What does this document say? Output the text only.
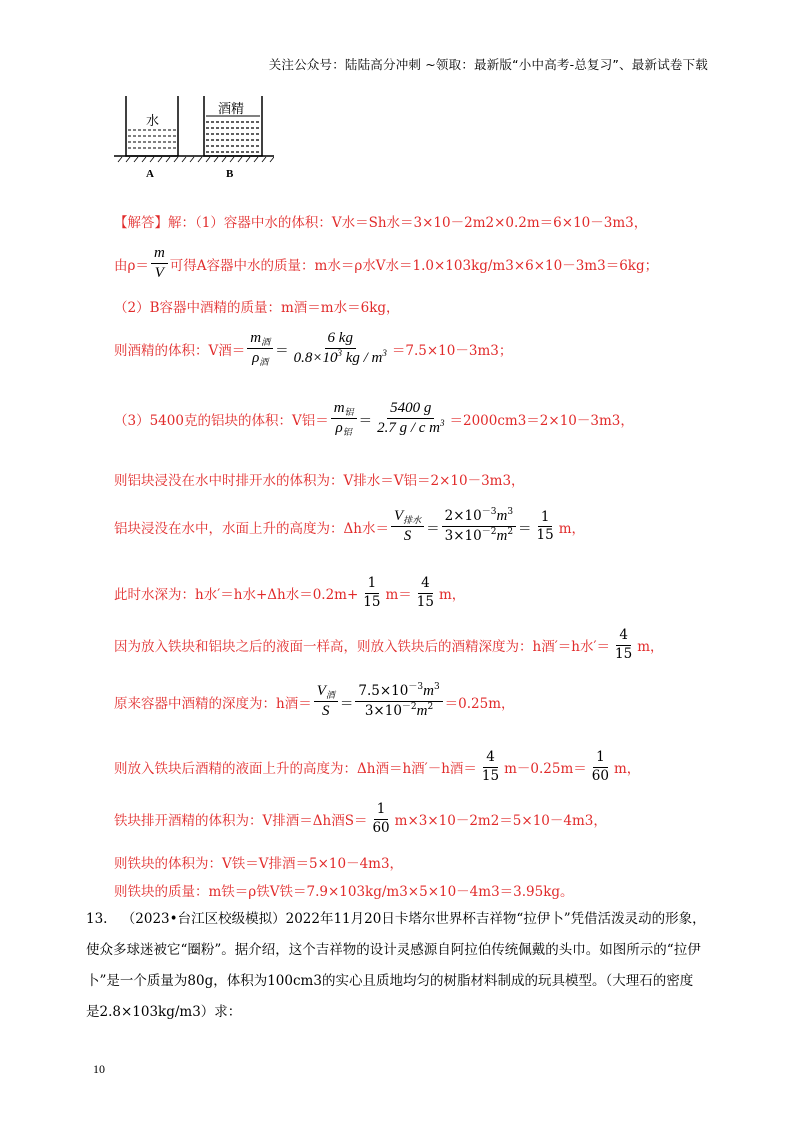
关注公众号：陆陆高分冲刺 ~领取：最新版“小中高考-总复习”、最新试卷下载
水
酒精
A	B
【解答】解：（1）容器中水的体积：V水＝Sh水＝3×10－2m2×0.2m＝6×10－3m3，
由$\rho= \frac{m}{V}$ 可得A容器中水的质量：m水＝ρ水V水＝1.0×103kg/m3×6×10－3m3＝6kg；
（2）B容器中酒精的质量：m酒＝m水＝6kg，
则酒精的体积：V酒＝ $\frac{m_酒}{\rho_酒} = \frac{6 kg}{0.8\times 10^3 kg / m^3} =7.5\times 10-3m3$；
（3）5400克的铝块的体积：V铝＝ $\frac{m_铝}{\rho_铝} = \frac{5400 g}{2.7 g / c m^3} =2000cm3=2\times 10-3m3$，
则铝块浸没在水中时排开水的体积为：V排水＝V铝＝2×10－3m3，
铝块浸没在水中，水面上升的高度为：Δh水＝ $\frac{V_{排水}}{S} = \frac{2\times 10^{-3}m^3}{3\times 10^{-2}m^2} = \frac{1}{15}$ m，
此时水深为：h水′＝h水+Δh水$=0.2m+ \frac{1}{15} m= \frac{4}{15}$ m，
因为放入铁块和铝块之后的液面一样高，则放入铁块后的酒精深度为：h酒′＝h水′＝ $\frac{4}{15}$ m，
原来容器中酒精的深度为：h酒＝ $\frac{V_酒}{S} = \frac{7.5\times 10^{-3}m^3}{3\times 10^{-2}m^2} =0.25m$，
则放入铁块后酒精的液面上升的高度为：Δh酒＝h酒′－h酒＝ $\frac{4}{15} m-0.25m= \frac{1}{60}$ m，
铁块排开酒精的体积为：V排酒＝Δh酒$S= \frac{1}{60} m\times 3\times 10-2m2=5\times 10-4m3$，
则铁块的体积为：V铁＝V排酒＝5×10－4m3，
则铁块的质量：m铁＝ρ铁V铁＝7.9×103kg/m3×5×10－4m3＝3.95kg。
13. （2023•台江区校级模拟）2022年11月20日卡塔尔世界杯吉祥物“拉伊卜”凭借活泼灵动的形象，使众多球迷被它“圈粉”。据介绍，这个吉祥物的设计灵感源自阿拉伯传统佩戴的头巾。如图所示的“拉伊卜”是一个质量为80g，体积为100cm3的实心且质地均匀的树脂材料制成的玩具模型。（大理石的密度是2.8×103kg/m3）求：
10
